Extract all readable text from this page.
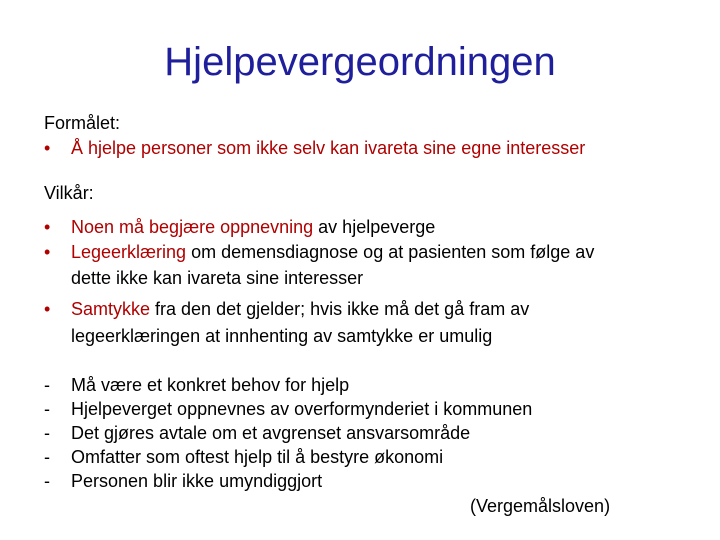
Hjelpevergeordningen
Formålet:
• Å hjelpe personer som ikke selv kan ivareta sine egne interesser
Vilkår:
• Noen må begjære oppnevning av hjelpeverge
• Legeerklæring om demensdiagnose og at pasienten som følge av
dette ikke kan ivareta sine interesser
• Samtykke fra den det gjelder; hvis ikke må det gå fram av
legeerklæringen at innhenting av samtykke er umulig
- Må være et konkret behov for hjelp
- Hjelpeverget oppnevnes av overformynderiet i kommunen
- Det gjøres avtale om et avgrenset ansvarsområde
- Omfatter som oftest hjelp til å bestyre økonomi
- Personen blir ikke umyndiggjort
(Vergemålsloven)
